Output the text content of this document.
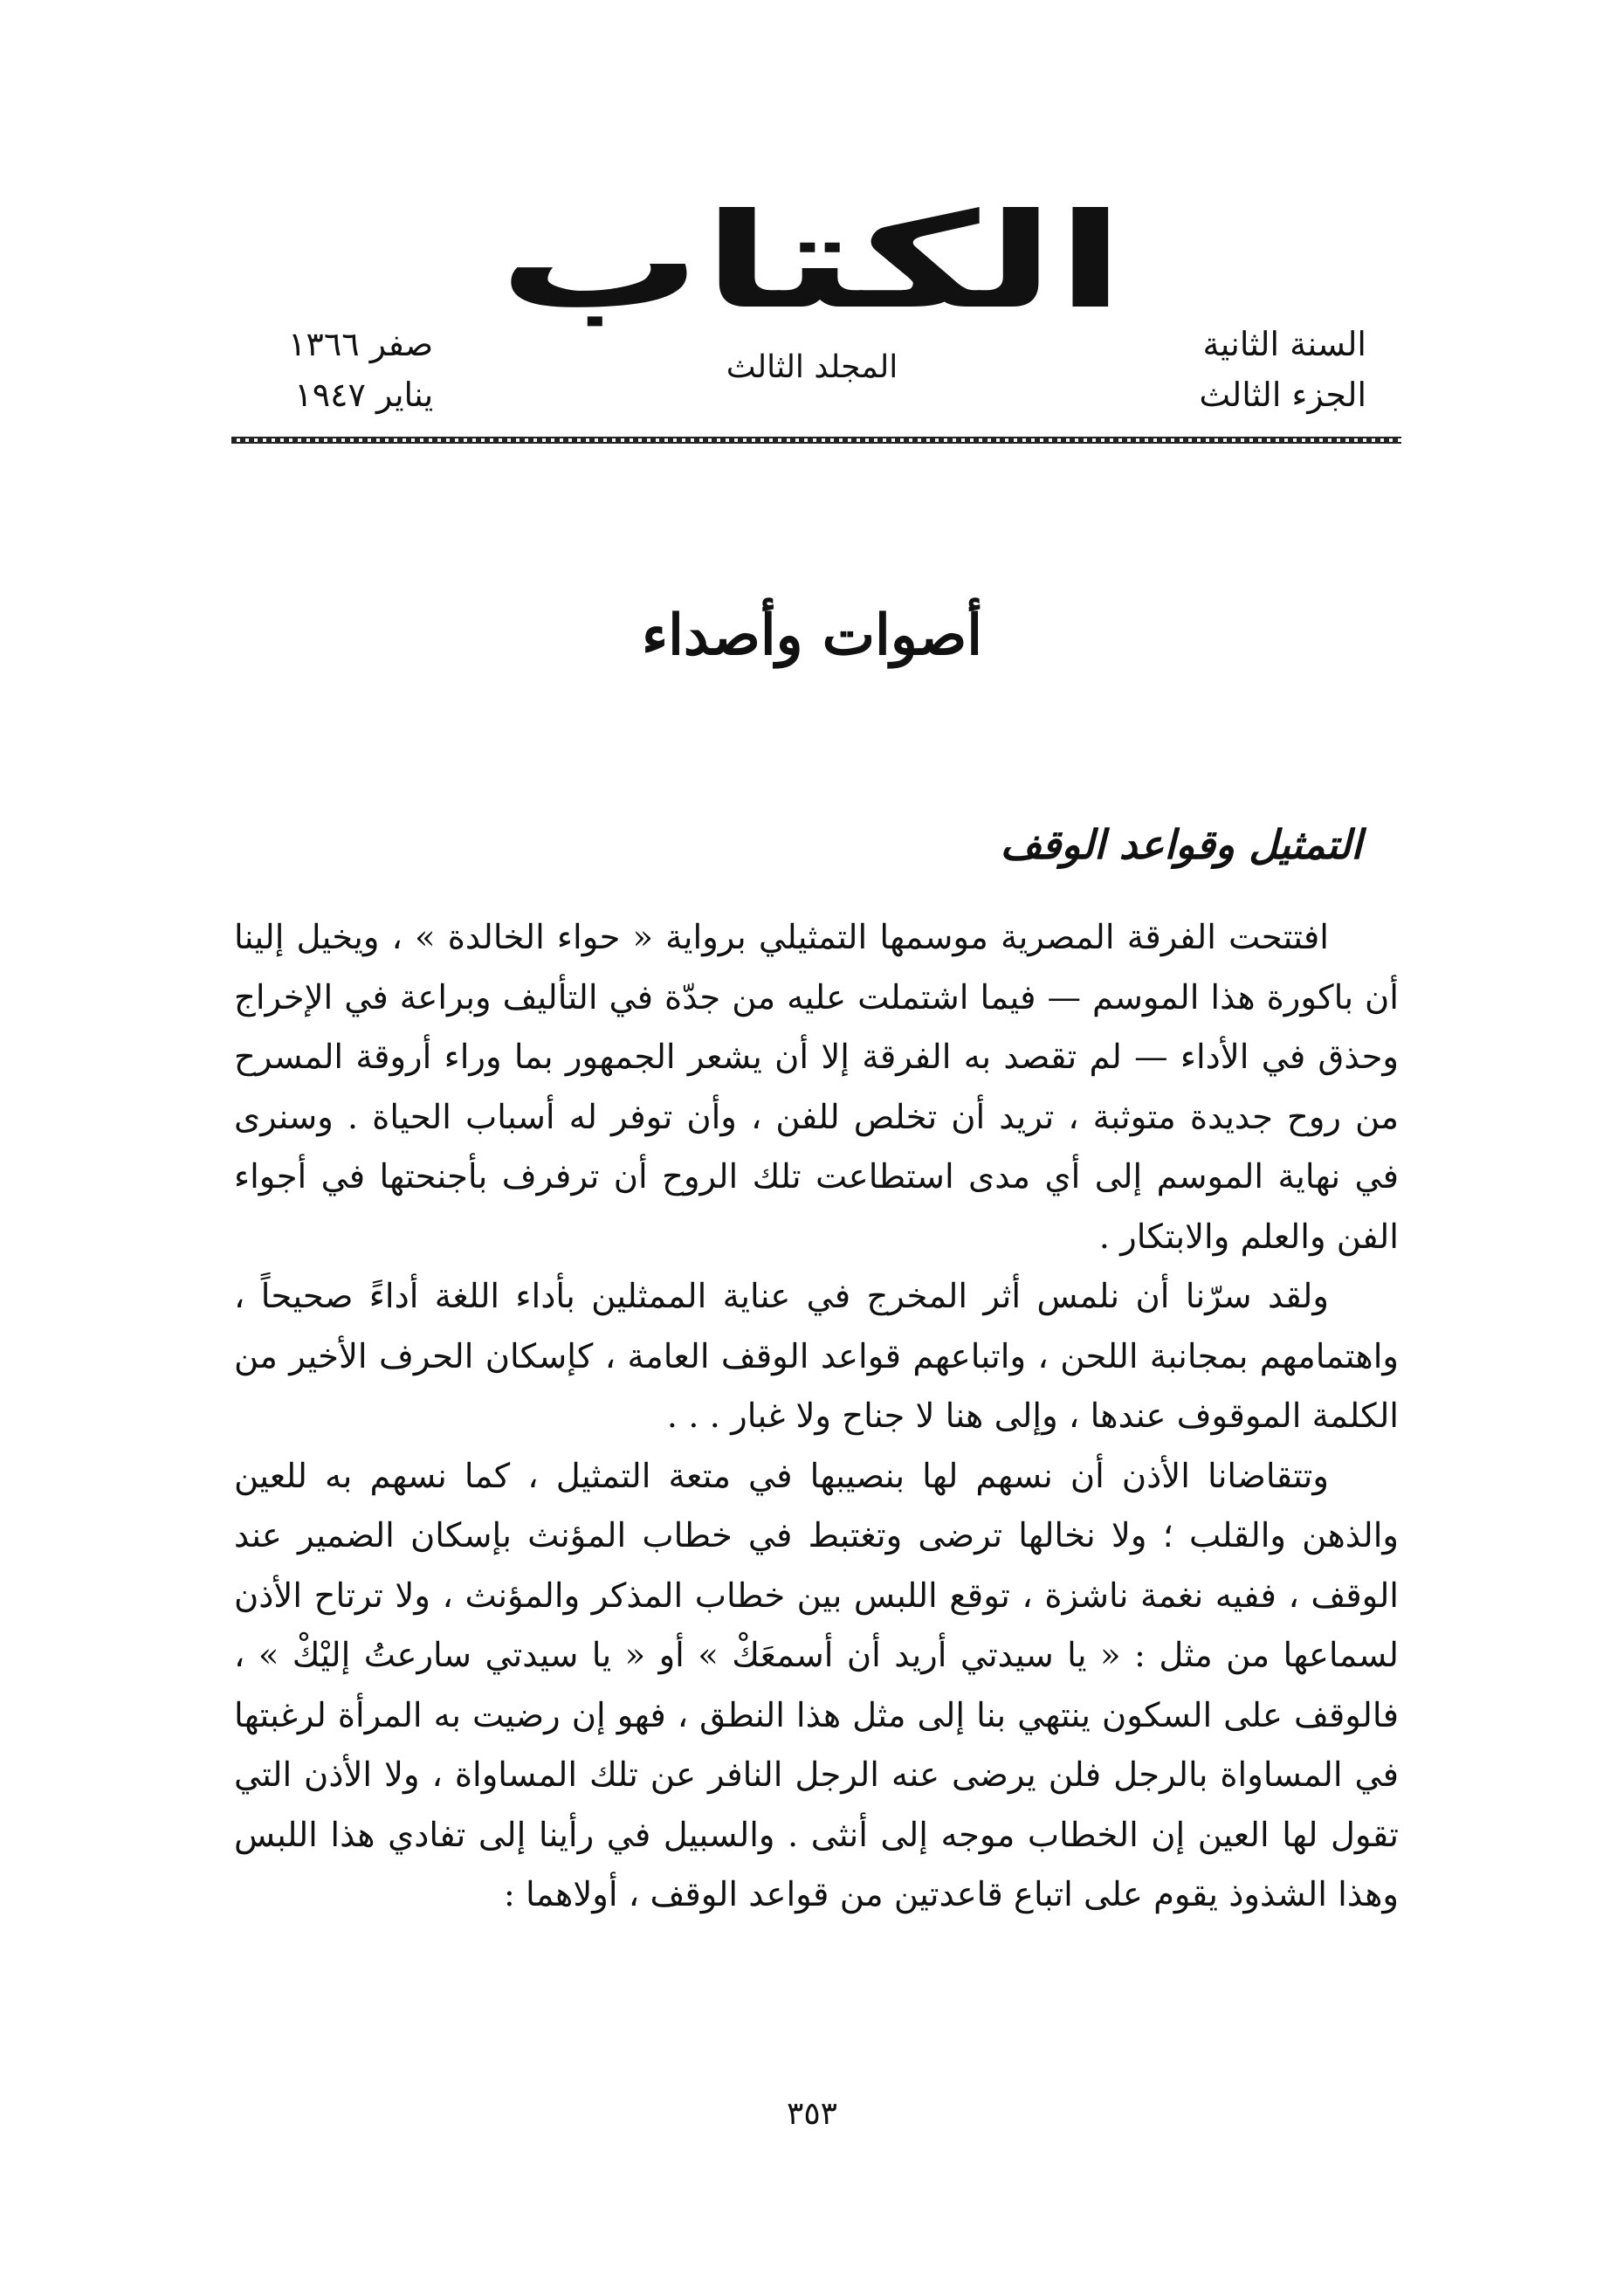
الكتاب
السنة الثانية
الجزء الثالث
المجلد الثالث
صفر ١٣٦٦
يناير ١٩٤٧
أصوات وأصداء
التمثيل وقواعد الوقف

افتتحت الفرقة المصرية موسمها التمثيلي برواية « حواء الخالدة » ، ويخيل إلينا أن باكورة هذا الموسم — فيما اشتملت عليه من جدّة في التأليف وبراعة في الإخراج وحذق في الأداء — لم تقصد به الفرقة إلا أن يشعر الجمهور بما وراء أروقة المسرح من روح جديدة متوثبة ، تريد أن تخلص للفن ، وأن توفر له أسباب الحياة . وسنرى في نهاية الموسم إلى أي مدى استطاعت تلك الروح أن ترفرف بأجنحتها في أجواء الفن والعلم والابتكار .

ولقد سرّنا أن نلمس أثر المخرج في عناية الممثلين بأداء اللغة أداءً صحيحاً ، واهتمامهم بمجانبة اللحن ، واتباعهم قواعد الوقف العامة ، كإسكان الحرف الأخير من الكلمة الموقوف عندها ، وإلى هنا لا جناح ولا غبار . . .

وتتقاضانا الأذن أن نسهم لها بنصيبها في متعة التمثيل ، كما نسهم به للعين والذهن والقلب ؛ ولا نخالها ترضى وتغتبط في خطاب المؤنث بإسكان الضمير عند الوقف ، ففيه نغمة ناشزة ، توقع اللبس بين خطاب المذكر والمؤنث ، ولا ترتاح الأذن لسماعها من مثل : « يا سيدتي أريد أن أسمعَكْ » أو « يا سيدتي سارعتُ إليْكْ » ، فالوقف على السكون ينتهي بنا إلى مثل هذا النطق ، فهو إن رضيت به المرأة لرغبتها في المساواة بالرجل فلن يرضى عنه الرجل النافر عن تلك المساواة ، ولا الأذن التي تقول لها العين إن الخطاب موجه إلى أنثى . والسبيل في رأينا إلى تفادي هذا اللبس وهذا الشذوذ يقوم على اتباع قاعدتين من قواعد الوقف ، أولاهما :

٣٥٣
